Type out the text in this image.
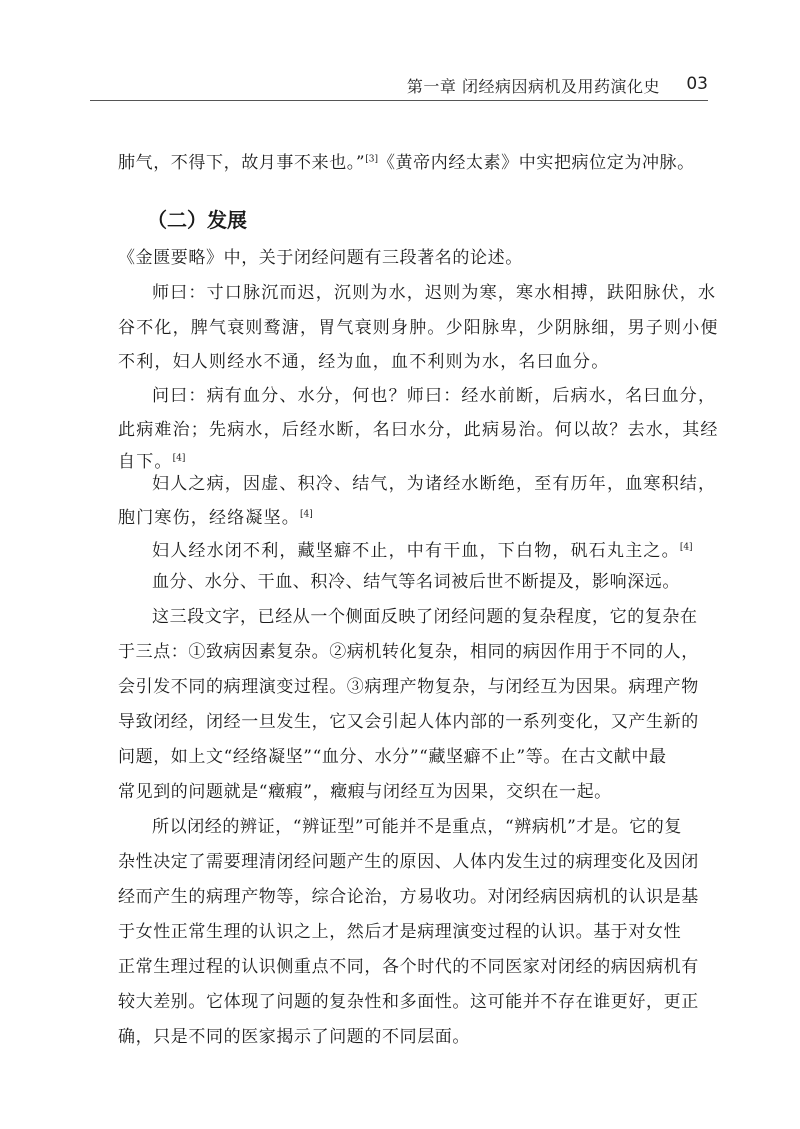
第一章 闭经病因病机及用药演化史 03
（二）发展
肺气，不得下，故月事不来也。”[3]《黄帝内经太素》中实把病位定为冲脉。
《金匮要略》中，关于闭经问题有三段著名的论述。
师曰：寸口脉沉而迟，沉则为水，迟则为寒，寒水相搏，趺阳脉伏，水
谷不化，脾气衰则鹜溏，胃气衰则身肿。少阳脉卑，少阴脉细，男子则小便
不利，妇人则经水不通，经为血，血不利则为水，名曰血分。
问曰：病有血分、水分，何也？师曰：经水前断，后病水，名曰血分，
此病难治；先病水，后经水断，名曰水分，此病易治。何以故？去水，其经
自下。[4]
妇人之病，因虚、积冷、结气，为诸经水断绝，至有历年，血寒积结，
胞门寒伤，经络凝坚。[4]
妇人经水闭不利，藏坚癖不止，中有干血，下白物，矾石丸主之。[4]
血分、水分、干血、积冷、结气等名词被后世不断提及，影响深远。
这三段文字，已经从一个侧面反映了闭经问题的复杂程度，它的复杂在
于三点：①致病因素复杂。②病机转化复杂，相同的病因作用于不同的人，
会引发不同的病理演变过程。③病理产物复杂，与闭经互为因果。病理产物
导致闭经，闭经一旦发生，它又会引起人体内部的一系列变化，又产生新的
问题，如上文“经络凝坚”“血分、水分”“藏坚癖不止”等。在古文献中最
常见到的问题就是“癥瘕”，癥瘕与闭经互为因果，交织在一起。
所以闭经的辨证，“辨证型”可能并不是重点，“辨病机”才是。它的复
杂性决定了需要理清闭经问题产生的原因、人体内发生过的病理变化及因闭
经而产生的病理产物等，综合论治，方易收功。对闭经病因病机的认识是基
于女性正常生理的认识之上，然后才是病理演变过程的认识。基于对女性
正常生理过程的认识侧重点不同，各个时代的不同医家对闭经的病因病机有
较大差别。它体现了问题的复杂性和多面性。这可能并不存在谁更好，更正
确，只是不同的医家揭示了问题的不同层面。
